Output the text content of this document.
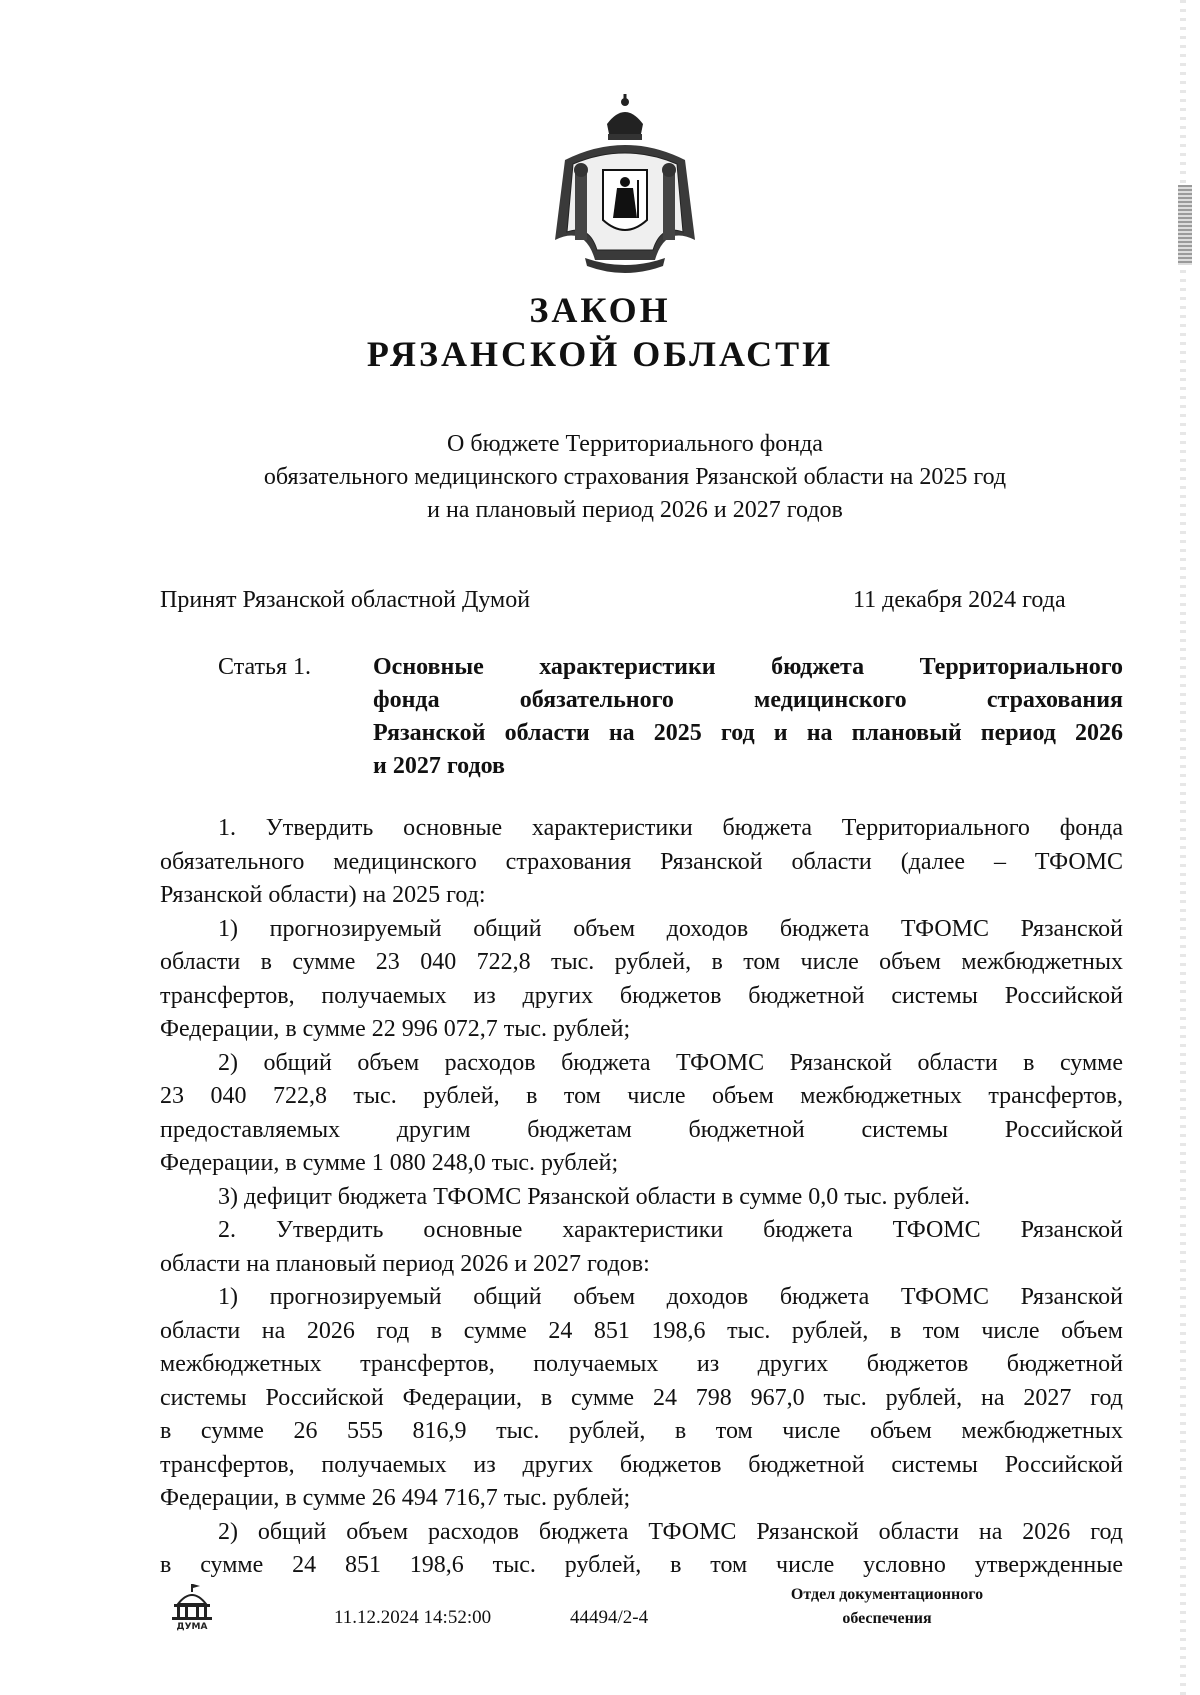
ЗАКОН
РЯЗАНСКОЙ ОБЛАСТИ
О бюджете Территориального фонда
обязательного медицинского страхования Рязанской области на 2025 год
и на плановый период 2026 и 2027 годов
Принят Рязанской областной Думой	11 декабря 2024 года
Статья 1.	Основные характеристики бюджета Территориального
фонда обязательного медицинского страхования
Рязанской области на 2025 год и на плановый период 2026
и 2027 годов
1. Утвердить основные характеристики бюджета Территориального фонда
обязательного медицинского страхования Рязанской области (далее – ТФОМС
Рязанской области) на 2025 год:
1) прогнозируемый общий объем доходов бюджета ТФОМС Рязанской
области в сумме 23 040 722,8 тыс. рублей, в том числе объем межбюджетных
трансфертов, получаемых из других бюджетов бюджетной системы Российской
Федерации, в сумме 22 996 072,7 тыс. рублей;
2) общий объем расходов бюджета ТФОМС Рязанской области в сумме
23 040 722,8 тыс. рублей, в том числе объем межбюджетных трансфертов,
предоставляемых другим бюджетам бюджетной системы Российской
Федерации, в сумме 1 080 248,0 тыс. рублей;
3) дефицит бюджета ТФОМС Рязанской области в сумме 0,0 тыс. рублей.
2. Утвердить основные характеристики бюджета ТФОМС Рязанской
области на плановый период 2026 и 2027 годов:
1) прогнозируемый общий объем доходов бюджета ТФОМС Рязанской
области на 2026 год в сумме 24 851 198,6 тыс. рублей, в том числе объем
межбюджетных трансфертов, получаемых из других бюджетов бюджетной
системы Российской Федерации, в сумме 24 798 967,0 тыс. рублей, на 2027 год
в сумме 26 555 816,9 тыс. рублей, в том числе объем межбюджетных
трансфертов, получаемых из других бюджетов бюджетной системы Российской
Федерации, в сумме 26 494 716,7 тыс. рублей;
2) общий объем расходов бюджета ТФОМС Рязанской области на 2026 год
в сумме 24 851 198,6 тыс. рублей, в том числе условно утвержденные
ДУМА	11.12.2024 14:52:00	44494/2-4
Отдел документационного
обеспечения
